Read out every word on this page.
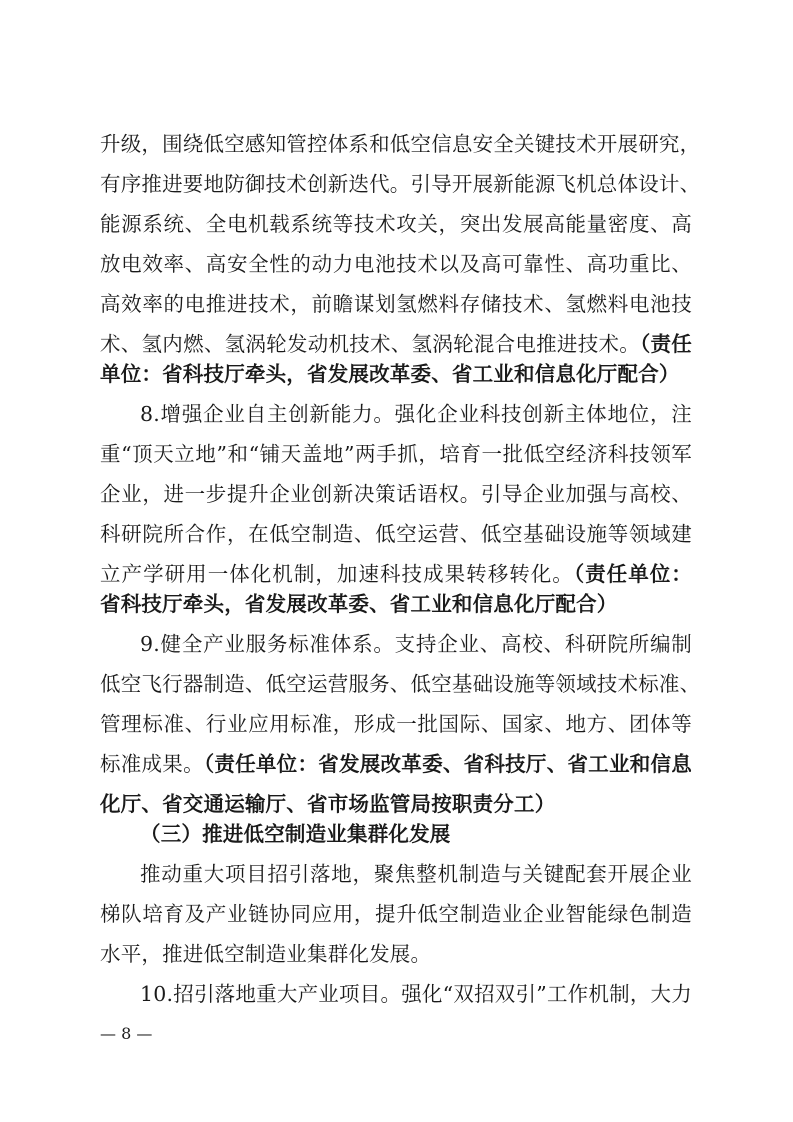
升级，围绕低空感知管控体系和低空信息安全关键技术开展研究，
有序推进要地防御技术创新迭代。引导开展新能源飞机总体设计、
能源系统、全电机载系统等技术攻关，突出发展高能量密度、高
放电效率、高安全性的动力电池技术以及高可靠性、高功重比、
高效率的电推进技术，前瞻谋划氢燃料存储技术、氢燃料电池技
术、氢内燃、氢涡轮发动机技术、氢涡轮混合电推进技术。（责任
单位：省科技厅牵头，省发展改革委、省工业和信息化厅配合）
8.增强企业自主创新能力。强化企业科技创新主体地位，注
重“顶天立地”和“铺天盖地”两手抓，培育一批低空经济科技领军
企业，进一步提升企业创新决策话语权。引导企业加强与高校、
科研院所合作，在低空制造、低空运营、低空基础设施等领域建
立产学研用一体化机制，加速科技成果转移转化。（责任单位：
省科技厅牵头，省发展改革委、省工业和信息化厅配合）
9.健全产业服务标准体系。支持企业、高校、科研院所编制
低空飞行器制造、低空运营服务、低空基础设施等领域技术标准、
管理标准、行业应用标准，形成一批国际、国家、地方、团体等
标准成果。（责任单位：省发展改革委、省科技厅、省工业和信息
化厅、省交通运输厅、省市场监管局按职责分工）
（三）推进低空制造业集群化发展
推动重大项目招引落地，聚焦整机制造与关键配套开展企业
梯队培育及产业链协同应用，提升低空制造业企业智能绿色制造
水平，推进低空制造业集群化发展。
10.招引落地重大产业项目。强化“双招双引”工作机制，大力
— 8 —
